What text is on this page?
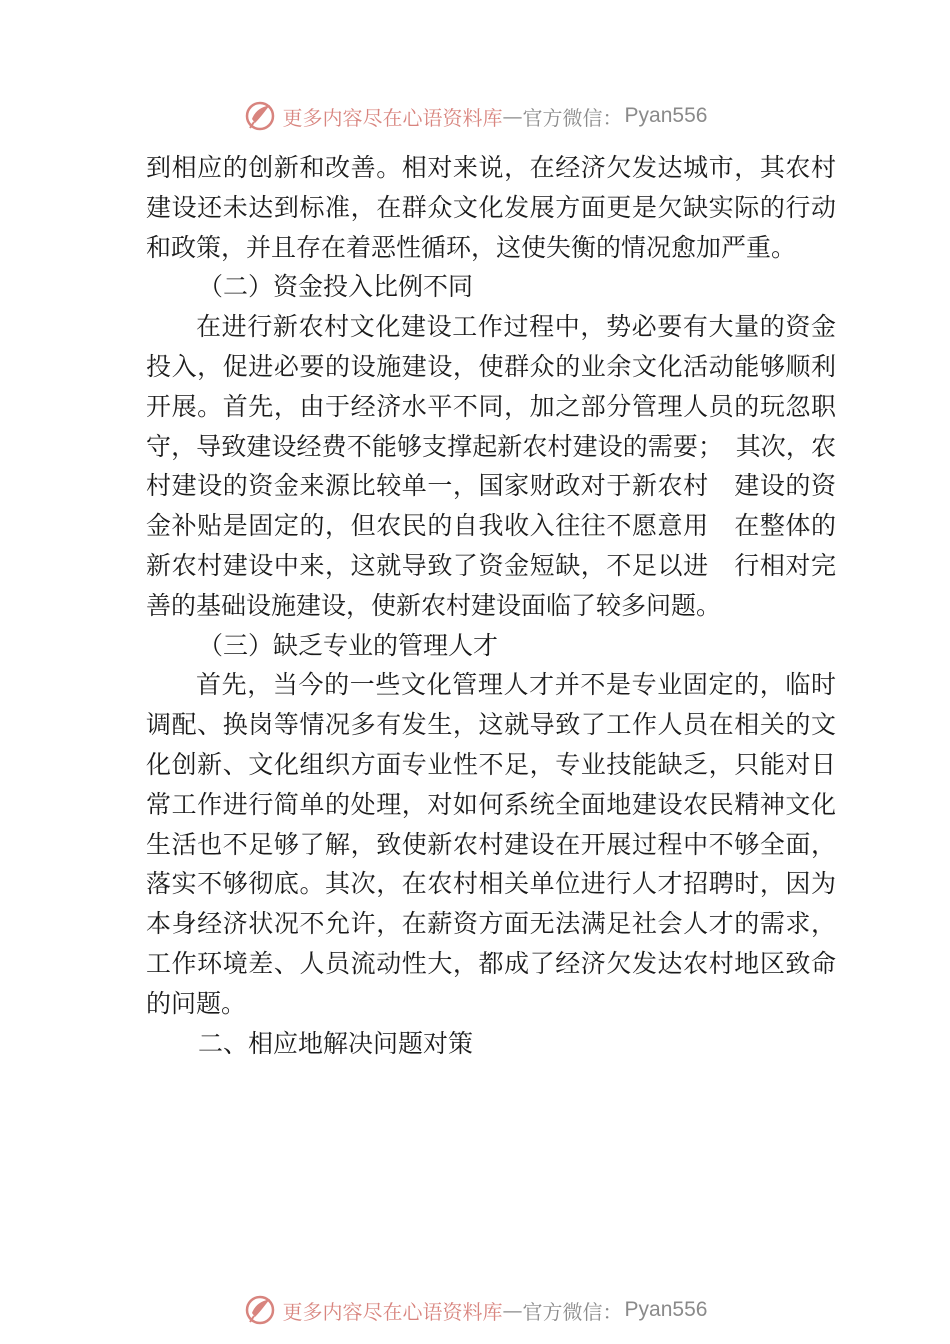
更多内容尽在心语资料库 — 官方微信： Pyan556

到相应的创新和改善。相对来说，在经济欠发达城市，其农村建设还未达到标准，在群众文化发展方面更是欠缺实际的行动和政策，并且存在着恶性循环，这使失衡的情况愈加严重。

（二）资金投入比例不同

在进行新农村文化建设工作过程中，势必要有大量的资金投入，促进必要的设施建设，使群众的业余文化活动能够顺利开展。首先，由于经济水平不同，加之部分管理人员的玩忽职守，导致建设经费不能够支撑起新农村建设的需要；　其次，农村建设的资金来源比较单一，国家财政对于新农村　建设的资金补贴是固定的，但农民的自我收入往往不愿意用　在整体的新农村建设中来，这就导致了资金短缺，不足以进　行相对完善的基础设施建设，使新农村建设面临了较多问题。

（三）缺乏专业的管理人才

首先，当今的一些文化管理人才并不是专业固定的，临时调配、换岗等情况多有发生，这就导致了工作人员在相关的文化创新、文化组织方面专业性不足，专业技能缺乏，只能对日常工作进行简单的处理，对如何系统全面地建设农民精神文化生活也不足够了解，致使新农村建设在开展过程中不够全面，落实不够彻底。其次，在农村相关单位进行人才招聘时，因为本身经济状况不允许，在薪资方面无法满足社会人才的需求，工作环境差、人员流动性大，都成了经济欠发达农村地区致命的问题。

二、相应地解决问题对策

更多内容尽在心语资料库 — 官方微信： Pyan556
